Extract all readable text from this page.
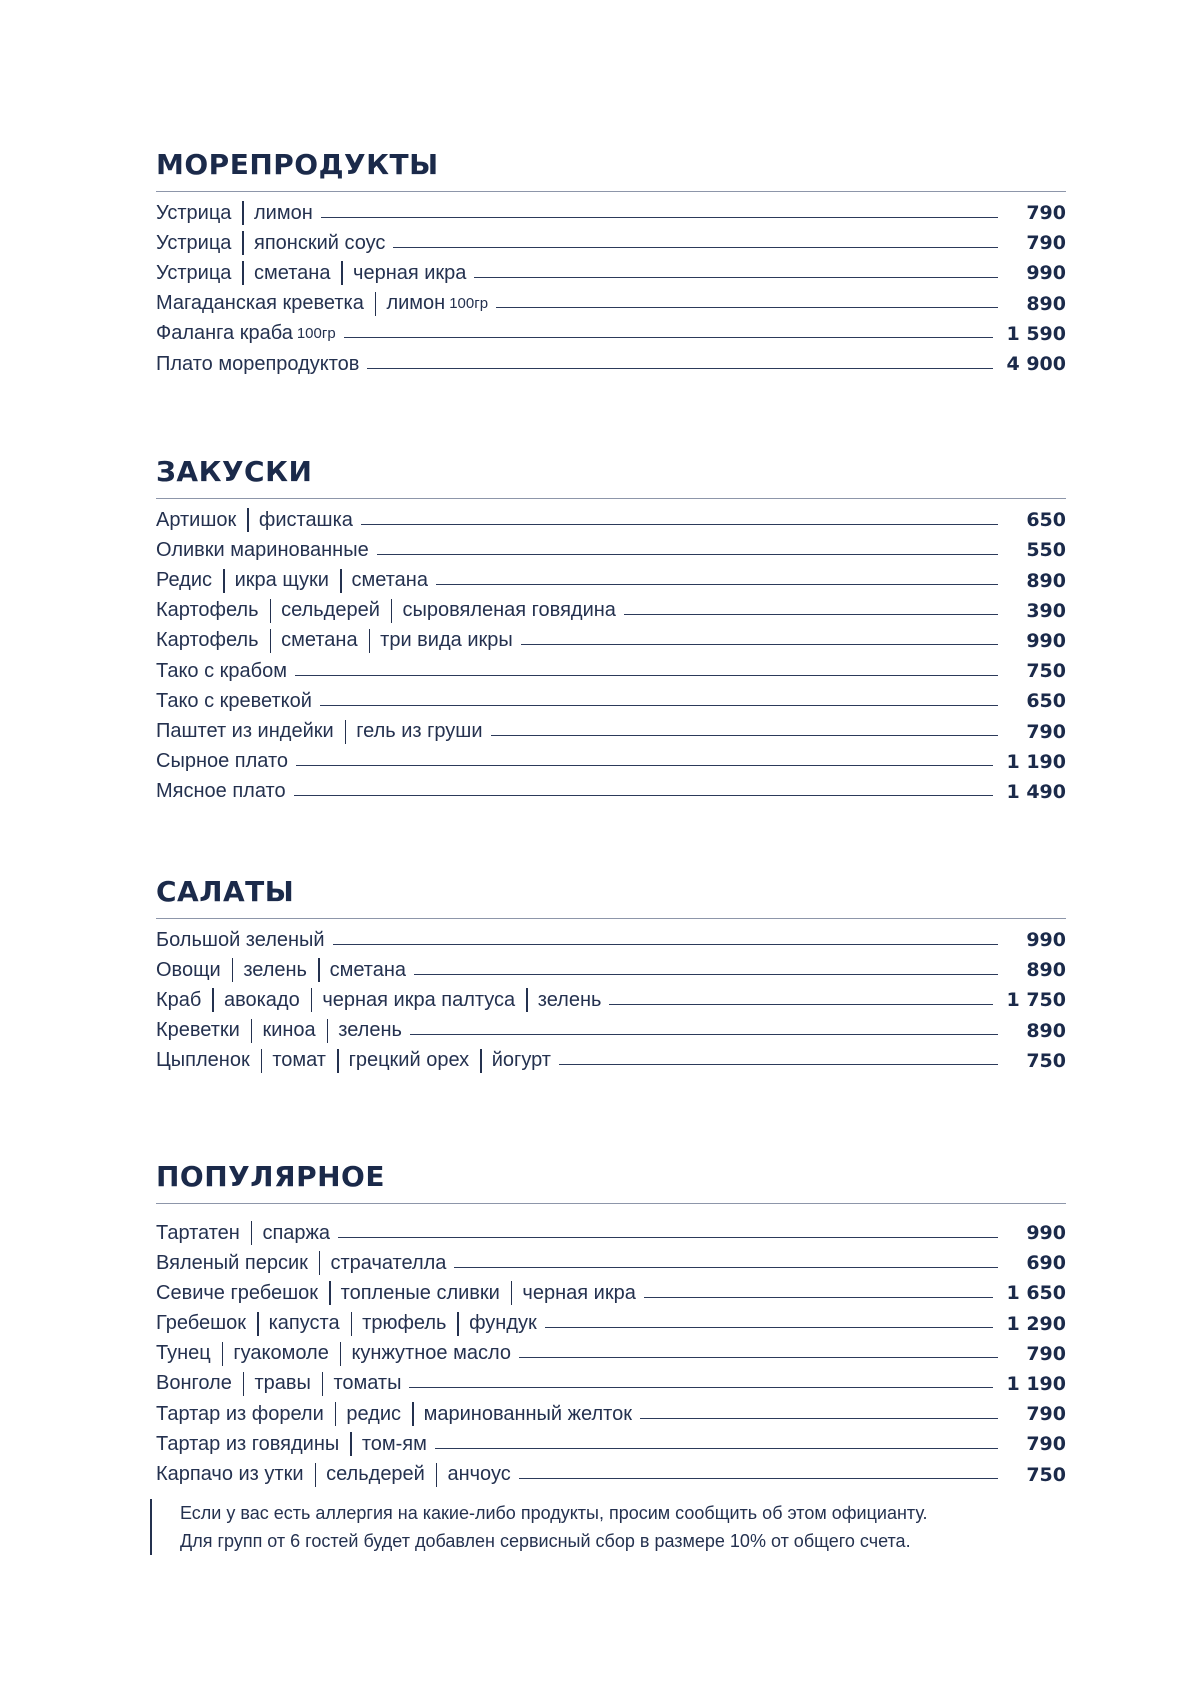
МОРЕПРОДУКТЫ
Устрица лимон	790
Устрица японский соус	790
Устрица сметана черная икра	990
Магаданская креветка лимон 100гр	890
Фаланга краба 100гр	1 590
Плато морепродуктов	4 900
ЗАКУСКИ
Артишок фисташка	650
Оливки маринованные	550
Редис икра щуки сметана	890
Картофель сельдерей сыровяленая говядина	390
Картофель сметана три вида икры	990
Тако с крабом	750
Тако с креветкой	650
Паштет из индейки гель из груши	790
Сырное плато	1 190
Мясное плато	1 490
САЛАТЫ
Большой зеленый	990
Овощи зелень сметана	890
Краб авокадо черная икра палтуса зелень	1 750
Креветки киноа зелень	890
Цыпленок томат грецкий орех йогурт	750
ПОПУЛЯРНОЕ
Тартатен спаржа	990
Вяленый персик страчателла	690
Севиче гребешок топленые сливки черная икра	1 650
Гребешок капуста трюфель фундук	1 290
Тунец гуакомоле кунжутное масло	790
Вонголе травы томаты	1 190
Тартар из форели редис маринованный желток	790
Тартар из говядины том-ям	790
Карпачо из утки сельдерей анчоус	750
Если у вас есть аллергия на какие-либо продукты, просим сообщить об этом официанту.
Для групп от 6 гостей будет добавлен сервисный сбор в размере 10% от общего счета.
